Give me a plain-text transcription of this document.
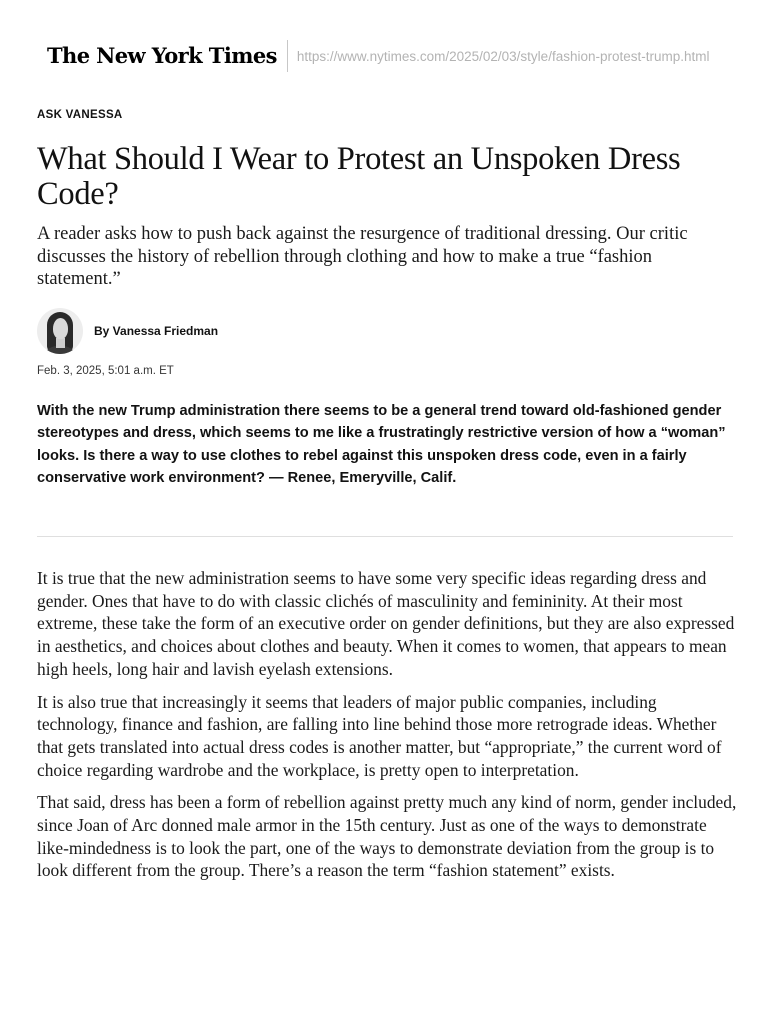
The New York Times https://www.nytimes.com/2025/02/03/style/fashion-protest-trump.html
ASK VANESSA
What Should I Wear to Protest an Unspoken Dress Code?

A reader asks how to push back against the resurgence of traditional dressing. Our critic discusses the history of rebellion through clothing and how to make a true “fashion statement.”

By Vanessa Friedman
Feb. 3, 2025, 5:01 a.m. ET

With the new Trump administration there seems to be a general trend toward old-fashioned gender stereotypes and dress, which seems to me like a frustratingly restrictive version of how a “woman” looks. Is there a way to use clothes to rebel against this unspoken dress code, even in a fairly conservative work environment? — Renee, Emeryville, Calif.

It is true that the new administration seems to have some very specific ideas regarding dress and gender. Ones that have to do with classic clichés of masculinity and femininity. At their most extreme, these take the form of an executive order on gender definitions, but they are also expressed in aesthetics, and choices about clothes and beauty. When it comes to women, that appears to mean high heels, long hair and lavish eyelash extensions.

It is also true that increasingly it seems that leaders of major public companies, including technology, finance and fashion, are falling into line behind those more retrograde ideas. Whether that gets translated into actual dress codes is another matter, but “appropriate,” the current word of choice regarding wardrobe and the workplace, is pretty open to interpretation.

That said, dress has been a form of rebellion against pretty much any kind of norm, gender included, since Joan of Arc donned male armor in the 15th century. Just as one of the ways to demonstrate like-mindedness is to look the part, one of the ways to demonstrate deviation from the group is to look different from the group. There’s a reason the term “fashion statement” exists.
